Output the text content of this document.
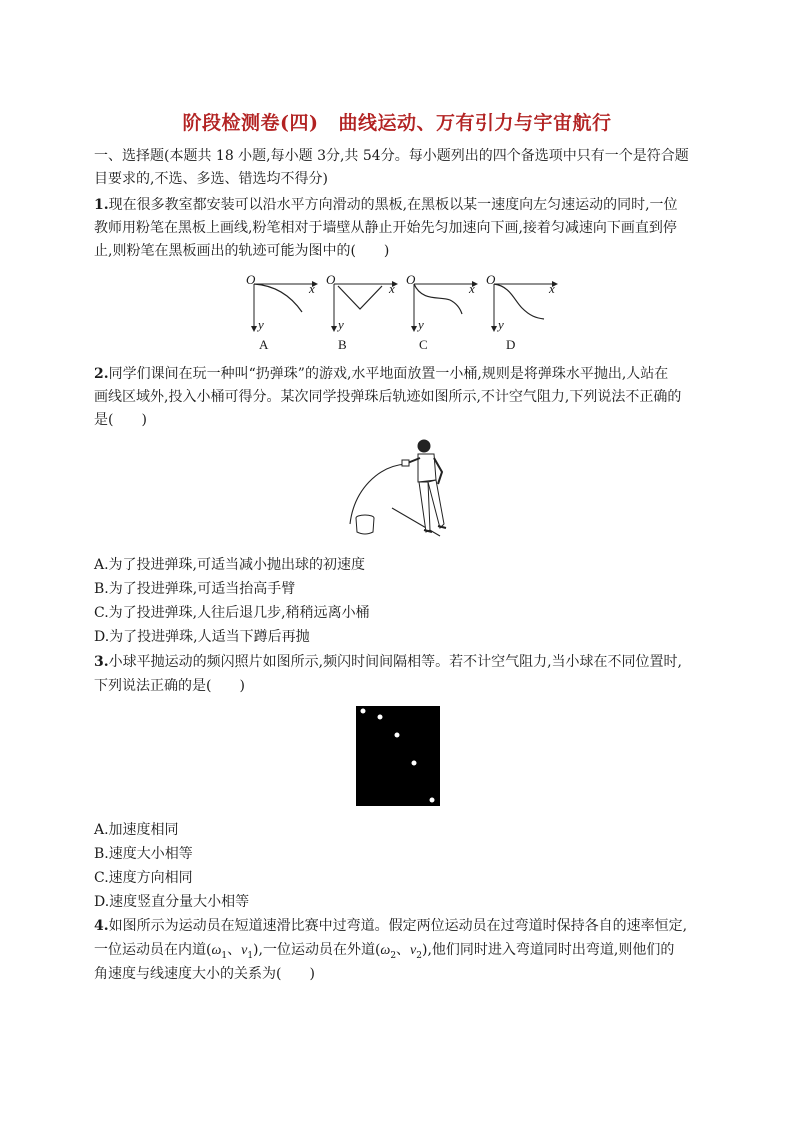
阶段检测卷(四) 曲线运动、万有引力与宇宙航行
一、选择题(本题共 18 小题,每小题 3分,共 54分。每小题列出的四个备选项中只有一个是符合题
目要求的,不选、多选、错选均不得分)
1.现在很多教室都安装可以沿水平方向滑动的黑板,在黑板以某一速度向左匀速运动的同时,一位
教师用粉笔在黑板上画线,粉笔相对于墙壁从静止开始先匀加速向下画,接着匀减速向下画直到停
止,则粉笔在黑板画出的轨迹可能为图中的(　　)
O
x
y
A
O
x
y
B
O
x
y
C
O
x
y
D
2.同学们课间在玩一种叫“扔弹珠”的游戏,水平地面放置一小桶,规则是将弹珠水平抛出,人站在
画线区域外,投入小桶可得分。某次同学投弹珠后轨迹如图所示,不计空气阻力,下列说法不正确的
是(　　)
A.为了投进弹珠,可适当减小抛出球的初速度
B.为了投进弹珠,可适当抬高手臂
C.为了投进弹珠,人往后退几步,稍稍远离小桶
D.为了投进弹珠,人适当下蹲后再抛
3.小球平抛运动的频闪照片如图所示,频闪时间间隔相等。若不计空气阻力,当小球在不同位置时,
下列说法正确的是(　　)
A.加速度相同
B.速度大小相等
C.速度方向相同
D.速度竖直分量大小相等
4.如图所示为运动员在短道速滑比赛中过弯道。假定两位运动员在过弯道时保持各自的速率恒定,
一位运动员在内道($\omega_1$、$v_1$),一位运动员在外道($\omega_2$、$v_2$),他们同时进入弯道同时出弯道,则他们的
角速度与线速度大小的关系为(　　)
